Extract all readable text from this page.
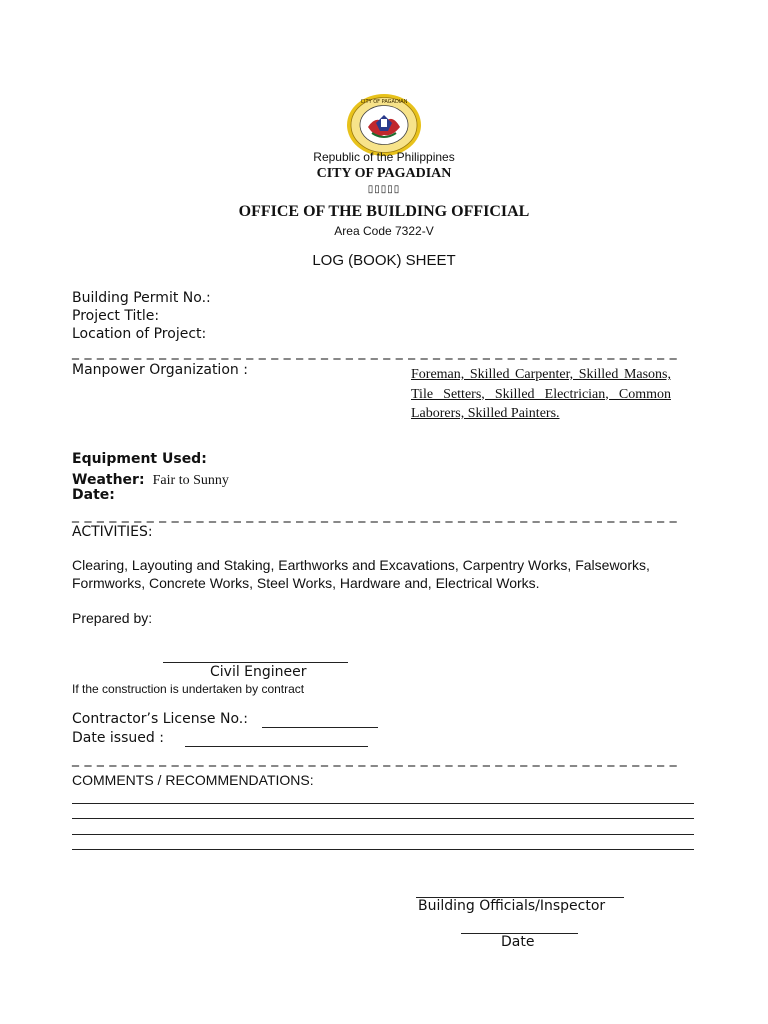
CITY OF PAGADIAN
Republic of the Philippines
CITY OF PAGADIAN
▯▯▯▯▯
OFFICE OF THE BUILDING OFFICIAL
Area Code 7322-V
LOG (BOOK) SHEET
Building Permit No.:
Project Title:
Location of Project:
_ _ _ _ _ _ _ _ _ _ _ _ _ _ _ _ _ _ _ _ _ _ _ _ _ _ _ _ _ _ _ _ _ _ _ _ _ _ _ _ _ _ _ _ _ _ _ _ _
Manpower Organization :	Foreman, Skilled Carpenter, Skilled Masons, Tile Setters, Skilled Electrician, Common Laborers, Skilled Painters.
Equipment Used:
Weather: Fair to Sunny
Date:
_ _ _ _ _ _ _ _ _ _ _ _ _ _ _ _ _ _ _ _ _ _ _ _ _ _ _ _ _ _ _ _ _ _ _ _ _ _ _ _ _ _ _ _ _ _ _ _ _
ACTIVITIES:
Clearing, Layouting and Staking, Earthworks and Excavations, Carpentry Works, Falseworks,
Formworks, Concrete Works, Steel Works, Hardware and, Electrical Works.
Prepared by:
Civil Engineer
If the construction is undertaken by contract
Contractor’s License No.:
Date issued :
_ _ _ _ _ _ _ _ _ _ _ _ _ _ _ _ _ _ _ _ _ _ _ _ _ _ _ _ _ _ _ _ _ _ _ _ _ _ _ _ _ _ _ _ _ _ _ _ _
COMMENTS / RECOMMENDATIONS:
Building Officials/Inspector
Date
